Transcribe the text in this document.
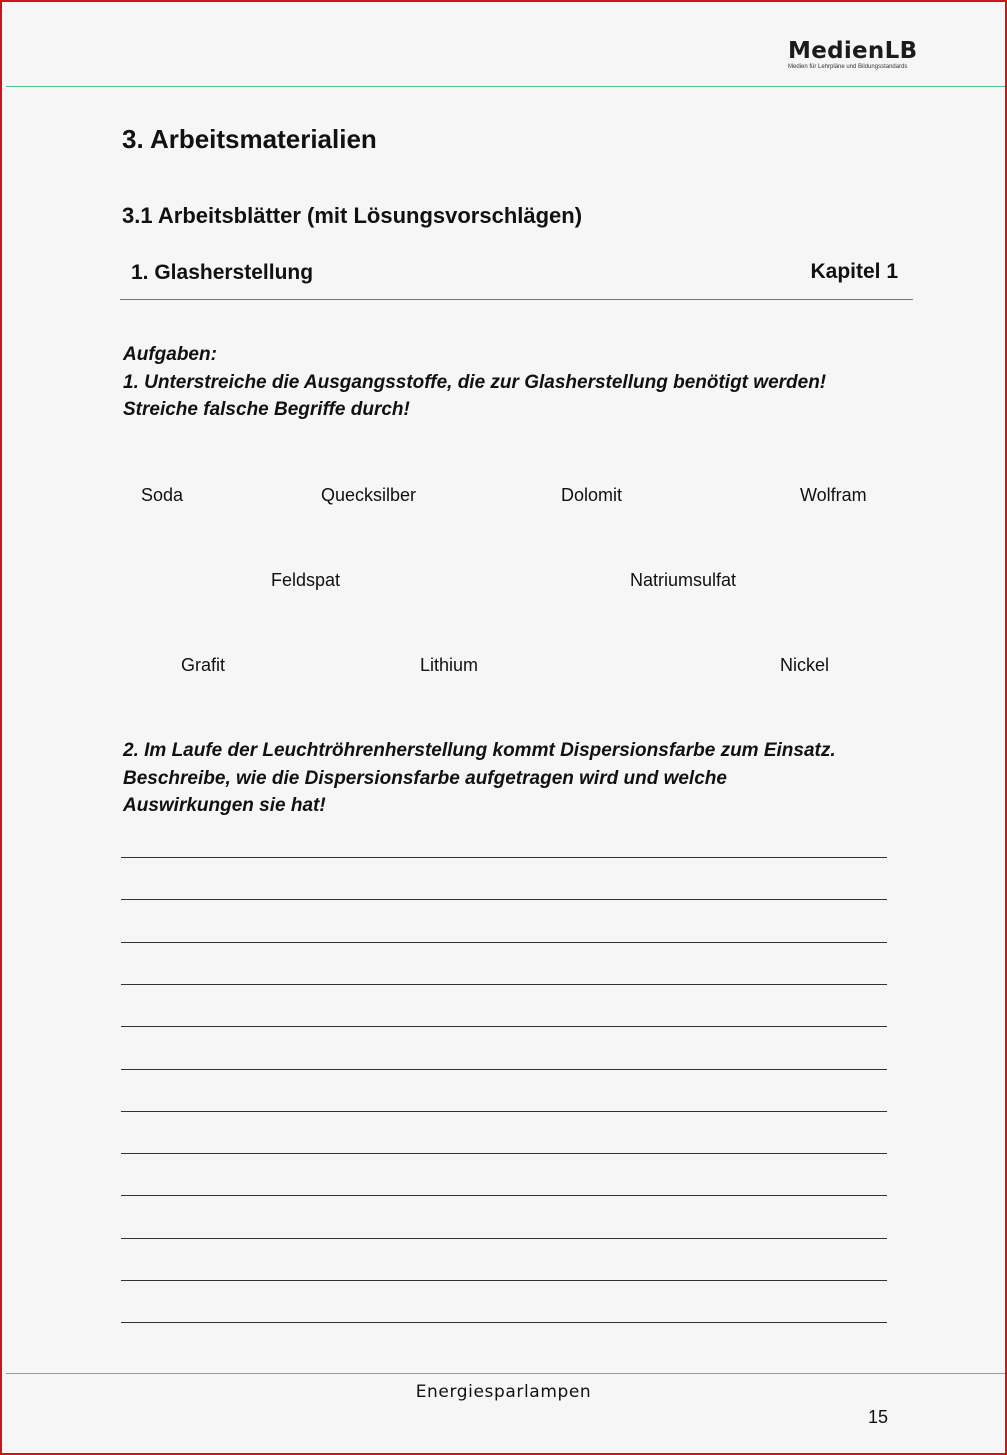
MedienLB
Medien für Lehrpläne und Bildungsstandards
3. Arbeitsmaterialien
3.1 Arbeitsblätter (mit Lösungsvorschlägen)
1. Glasherstellung	Kapitel 1
Aufgaben:
1. Unterstreiche die Ausgangsstoffe, die zur Glasherstellung benötigt werden!
Streiche falsche Begriffe durch!
Soda	Quecksilber	Dolomit	Wolfram
Feldspat	Natriumsulfat
Grafit	Lithium	Nickel
2. Im Laufe der Leuchtröhrenherstellung kommt Dispersionsfarbe zum Einsatz.
Beschreibe, wie die Dispersionsfarbe aufgetragen wird und welche
Auswirkungen sie hat!
Energiesparlampen
15
